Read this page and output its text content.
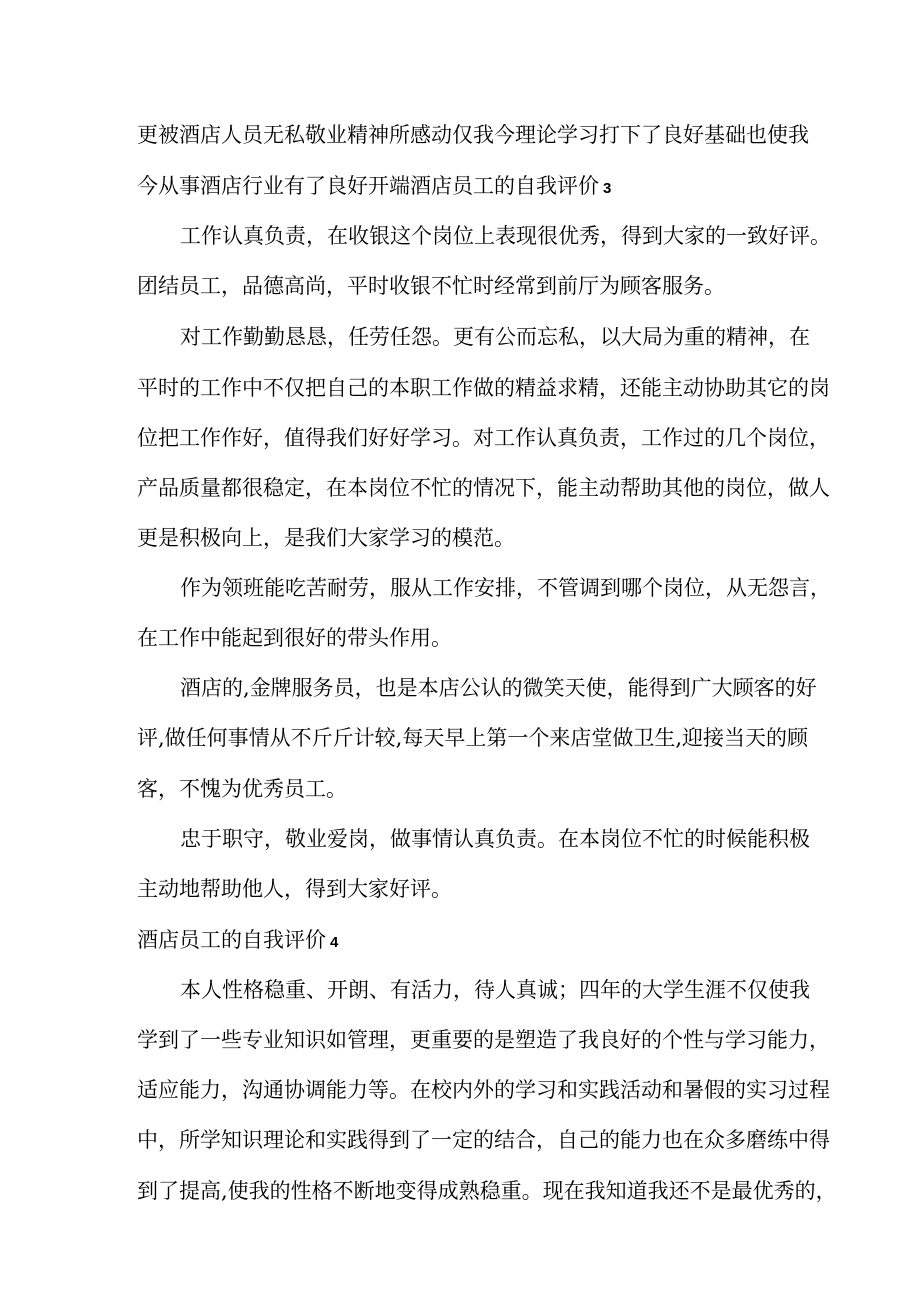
更被酒店人员无私敬业精神所感动仅我今理论学习打下了良好基础也使我
今从事酒店行业有了良好开端酒店员工的自我评价 3
工作认真负责，在收银这个岗位上表现很优秀，得到大家的一致好评。
团结员工，品德高尚，平时收银不忙时经常到前厅为顾客服务。
对工作勤勤恳恳，任劳任怨。更有公而忘私，以大局为重的精神，在
平时的工作中不仅把自己的本职工作做的精益求精，还能主动协助其它的岗
位把工作作好，值得我们好好学习。对工作认真负责，工作过的几个岗位，
产品质量都很稳定，在本岗位不忙的情况下，能主动帮助其他的岗位，做人
更是积极向上，是我们大家学习的模范。
作为领班能吃苦耐劳，服从工作安排，不管调到哪个岗位，从无怨言，
在工作中能起到很好的带头作用。
酒店的,金牌服务员，也是本店公认的微笑天使，能得到广大顾客的好
评,做任何事情从不斤斤计较,每天早上第一个来店堂做卫生,迎接当天的顾
客，不愧为优秀员工。
忠于职守，敬业爱岗，做事情认真负责。在本岗位不忙的时候能积极
主动地帮助他人，得到大家好评。
酒店员工的自我评价 4
本人性格稳重、开朗、有活力，待人真诚；四年的大学生涯不仅使我
学到了一些专业知识如管理，更重要的是塑造了我良好的个性与学习能力，
适应能力，沟通协调能力等。在校内外的学习和实践活动和暑假的实习过程
中，所学知识理论和实践得到了一定的结合，自己的能力也在众多磨练中得
到了提高,使我的性格不断地变得成熟稳重。现在我知道我还不是最优秀的，
